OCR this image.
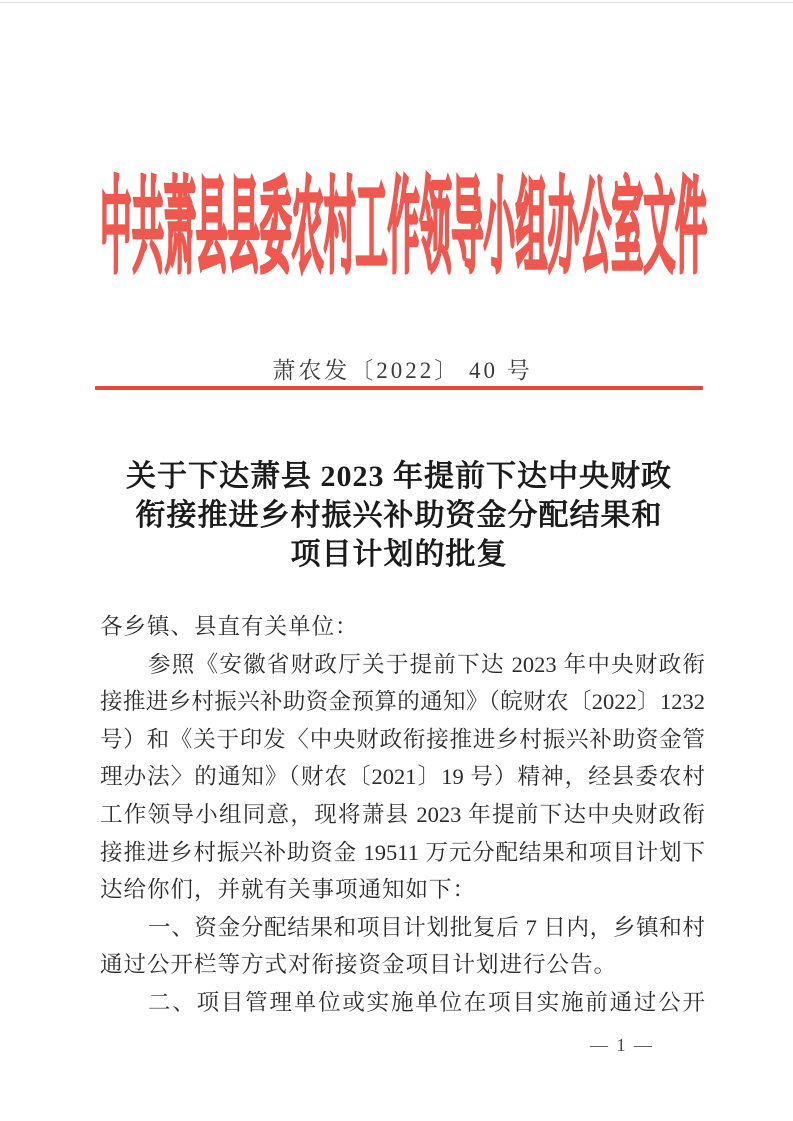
中共萧县县委农村工作领导小组办公室文件
萧农发〔2022〕 40 号
关于下达萧县 2023 年提前下达中央财政
衔接推进乡村振兴补助资金分配结果和
项目计划的批复
各乡镇、县直有关单位：
参照《安徽省财政厅关于提前下达 2023 年中央财政衔
接推进乡村振兴补助资金预算的通知》（皖财农〔2022〕1232
号）和《关于印发〈中央财政衔接推进乡村振兴补助资金管
理办法〉的通知》（财农〔2021〕19 号）精神，经县委农村
工作领导小组同意，现将萧县 2023 年提前下达中央财政衔
接推进乡村振兴补助资金 19511 万元分配结果和项目计划下
达给你们，并就有关事项通知如下：
一、资金分配结果和项目计划批复后 7 日内，乡镇和村
通过公开栏等方式对衔接资金项目计划进行公告。
二、项目管理单位或实施单位在项目实施前通过公开
— 1 —
